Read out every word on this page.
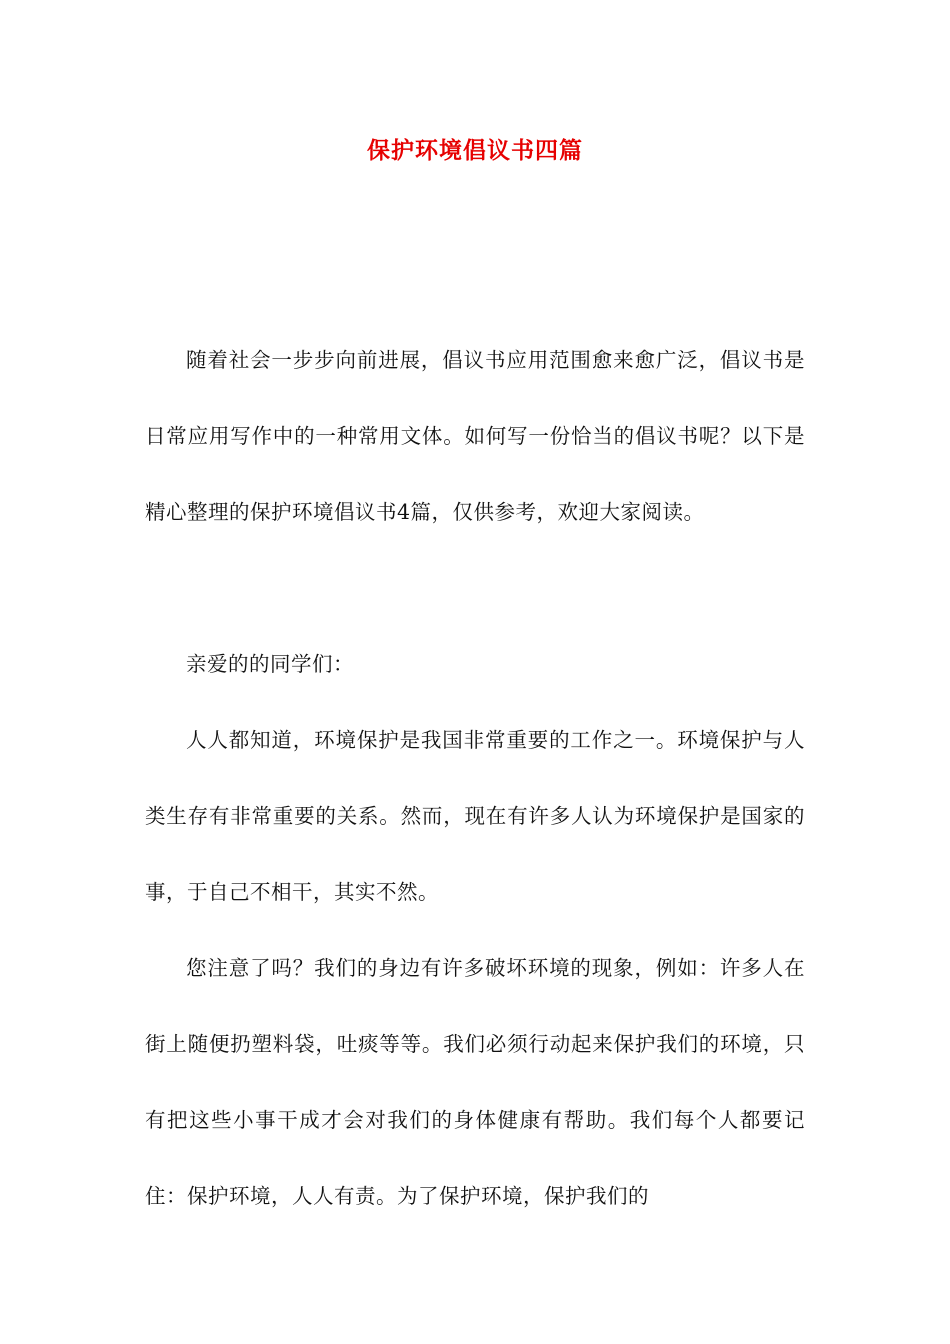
保护环境倡议书四篇

随着社会一步步向前进展，倡议书应用范围愈来愈广泛，倡议书是日常应用写作中的一种常用文体。如何写一份恰当的倡议书呢？以下是精心整理的保护环境倡议书4篇，仅供参考，欢迎大家阅读。

亲爱的的同学们：

人人都知道，环境保护是我国非常重要的工作之一。环境保护与人类生存有非常重要的关系。然而，现在有许多人认为环境保护是国家的事，于自己不相干，其实不然。

您注意了吗？我们的身边有许多破坏环境的现象，例如：许多人在街上随便扔塑料袋，吐痰等等。我们必须行动起来保护我们的环境，只有把这些小事干成才会对我们的身体健康有帮助。我们每个人都要记住：保护环境，人人有责。为了保护环境，保护我们的
